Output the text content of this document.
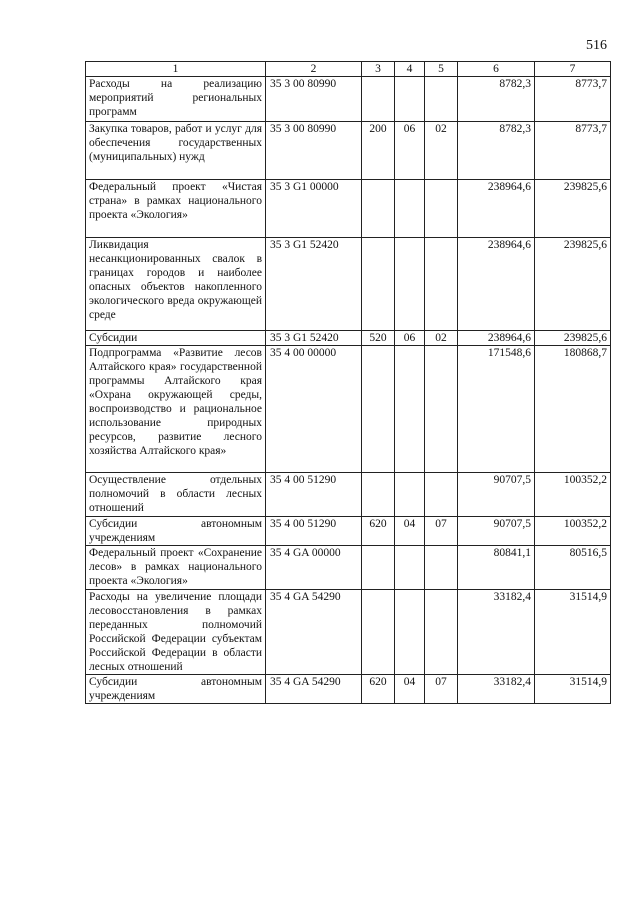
516
1	2	3	4	5	6	7
Расходы на реализацию мероприятий региональных программ	35 3 00 80990				8782,3	8773,7
Закупка товаров, работ и услуг для обеспечения государственных (муниципальных) нужд	35 3 00 80990	200	06	02	8782,3	8773,7
Федеральный проект «Чистая страна» в рамках национального проекта «Экология»	35 3 G1 00000				238964,6	239825,6
Ликвидация несанкционированных свалок в границах городов и наиболее опасных объектов накопленного экологического вреда окружающей среде	35 3 G1 52420				238964,6	239825,6
Субсидии	35 3 G1 52420	520	06	02	238964,6	239825,6
Подпрограмма «Развитие лесов Алтайского края» государственной программы Алтайского края «Охрана окружающей среды, воспроизводство и рациональное использование природных ресурсов, развитие лесного хозяйства Алтайского края»	35 4 00 00000				171548,6	180868,7
Осуществление отдельных полномочий в области лесных отношений	35 4 00 51290				90707,5	100352,2
Субсидии автономным учреждениям	35 4 00 51290	620	04	07	90707,5	100352,2
Федеральный проект «Сохранение лесов» в рамках национального проекта «Экология»	35 4 GA 00000				80841,1	80516,5
Расходы на увеличение площади лесовосстановления в рамках переданных полномочий Российской Федерации субъектам Российской Федерации в области лесных отношений	35 4 GA 54290				33182,4	31514,9
Субсидии автономным учреждениям	35 4 GA 54290	620	04	07	33182,4	31514,9
